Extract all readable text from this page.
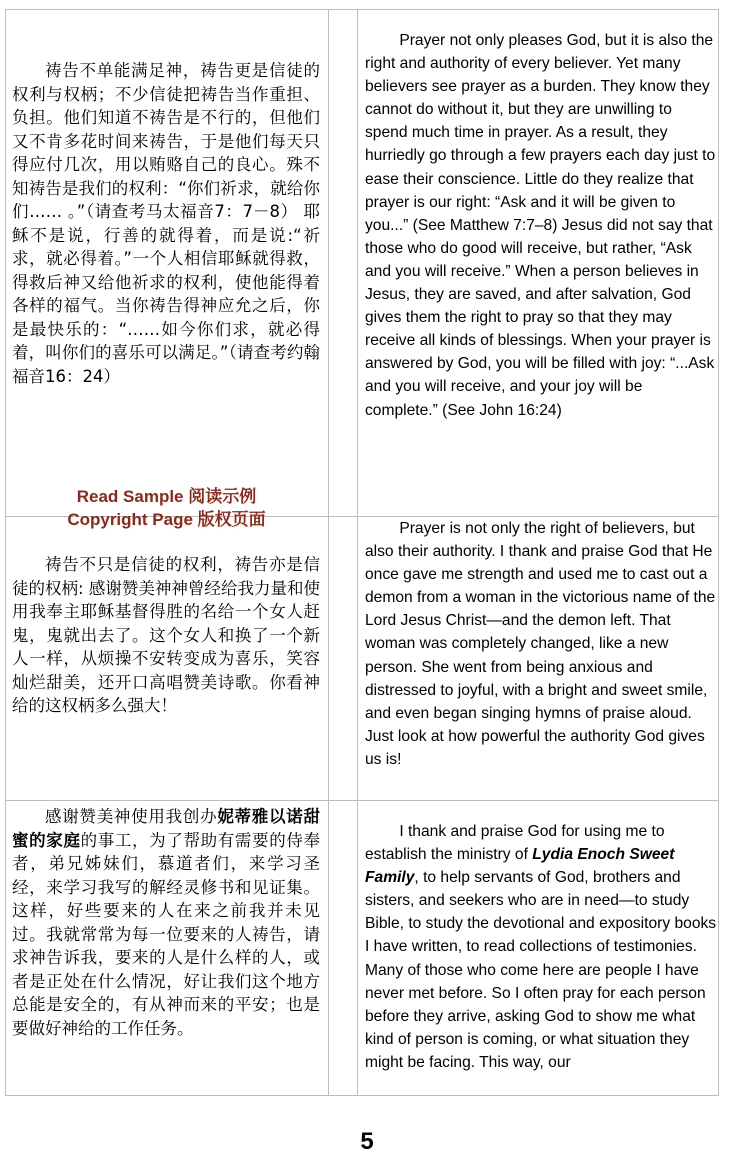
祷告不单能满足神，祷告更是信徒的权利与权柄；不少信徒把祷告当作重担、负担。他们知道不祷告是不行的，但他们又不肯多花时间来祷告，于是他们每天只得应付几次，用以贿赂自己的良心。殊不知祷告是我们的权利：“你们祈求，就给你们…… 。”（请查考马太福音7：7－8） 耶稣不是说，行善的就得着，而是说:“祈求，就必得着。”一个人相信耶稣就得救，得救后神又给他祈求的权利，使他能得着各样的福气。当你祷告得神应允之后，你是最快乐的：“……如今你们求，就必得着，叫你们的喜乐可以满足。”（请查考约翰福音16：24）

Prayer not only pleases God, but it is also the right and authority of every believer. Yet many believers see prayer as a burden. They know they cannot do without it, but they are unwilling to spend much time in prayer. As a result, they hurriedly go through a few prayers each day just to ease their conscience. Little do they realize that prayer is our right: “Ask and it will be given to you...” (See Matthew 7:7–8) Jesus did not say that those who do good will receive, but rather, “Ask and you will receive.” When a person believes in Jesus, they are saved, and after salvation, God gives them the right to pray so that they may receive all kinds of blessings. When your prayer is answered by God, you will be filled with joy: “...Ask and you will receive, and your joy will be complete.” (See John 16:24)

祷告不只是信徒的权利，祷告亦是信徒的权柄: 感谢赞美神神曾经给我力量和使用我奉主耶稣基督得胜的名给一个女人赶鬼，鬼就出去了。这个女人和换了一个新人一样，从烦操不安转变成为喜乐，笑容灿烂甜美，还开口高唱赞美诗歌。你看神给的这权柄多么强大！

Prayer is not only the right of believers, but also their authority. I thank and praise God that He once gave me strength and used me to cast out a demon from a woman in the victorious name of the Lord Jesus Christ—and the demon left. That woman was completely changed, like a new person. She went from being anxious and distressed to joyful, with a bright and sweet smile, and even began singing hymns of praise aloud. Just look at how powerful the authority God gives us is!

感谢赞美神使用我创办妮蒂雅以诺甜蜜的家庭的事工，为了帮助有需要的侍奉者，弟兄姊妹们，慕道者们，来学习圣经，来学习我写的解经灵修书和见证集。这样，好些要来的人在来之前我并未见过。我就常常为每一位要来的人祷告，请求神告诉我，要来的人是什么样的人，或者是正处在什么情况，好让我们这个地方总能是安全的，有从神而来的平安；也是要做好神给的工作任务。

I thank and praise God for using me to establish the ministry of Lydia Enoch Sweet Family, to help servants of God, brothers and sisters, and seekers who are in need—to study Bible, to study the devotional and expository books I have written, to read collections of testimonies. Many of those who come here are people I have never met before. So I often pray for each person before they arrive, asking God to show me what kind of person is coming, or what situation they might be facing. This way, our

Read Sample 阅读示例
Copyright Page 版权页面
5
